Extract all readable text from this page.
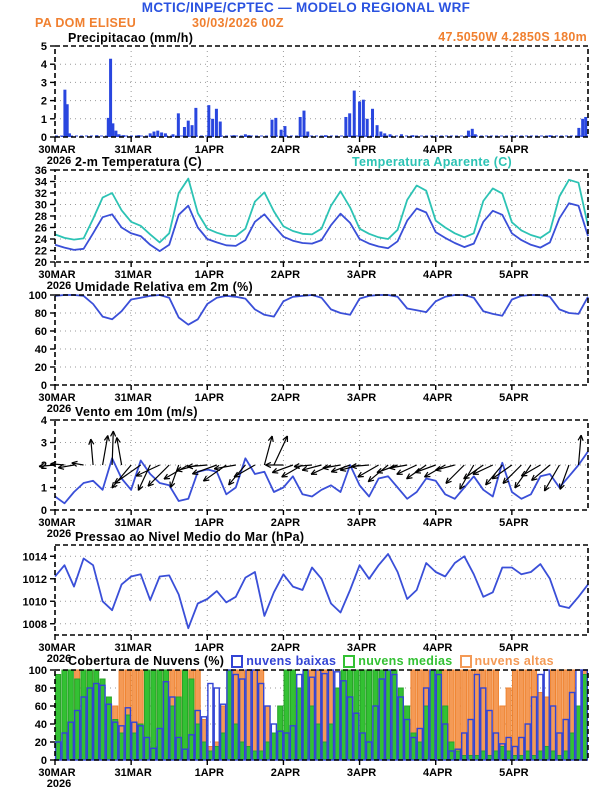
0
1
2
3
4
5
30MAR	31MAR	1APR	2APR	3APR	4APR	5APR
2026
20
22
24
26
28
30
32
34
36
30MAR	31MAR	1APR	2APR	3APR	4APR	5APR
2026
0
20
40
60
80
100
30MAR	31MAR	1APR	2APR	3APR	4APR	5APR
2026
0
1
2
3
4
30MAR	31MAR	1APR	2APR	3APR	4APR	5APR
2026
1008
1010
1012
1014
30MAR	31MAR	1APR	2APR	3APR	4APR	5APR
2026
0
20
40
60
80
100
30MAR	31MAR	1APR	2APR	3APR	4APR	5APR
2026
MCTIC/INPE/CPTEC — MODELO REGIONAL WRF
PA DOM ELISEU	30/03/2026 00Z
47.5050W 4.2850S 180m
Precipitacao (mm/h)
2-m Temperatura (C)	Temperatura Aparente (C)
Umidade Relativa em 2m (%)
Vento em 10m (m/s)
Pressao ao Nivel Medio do Mar (hPa)
Cobertura de Nuvens (%) nuvens baixas nuvens medias nuvens altas
